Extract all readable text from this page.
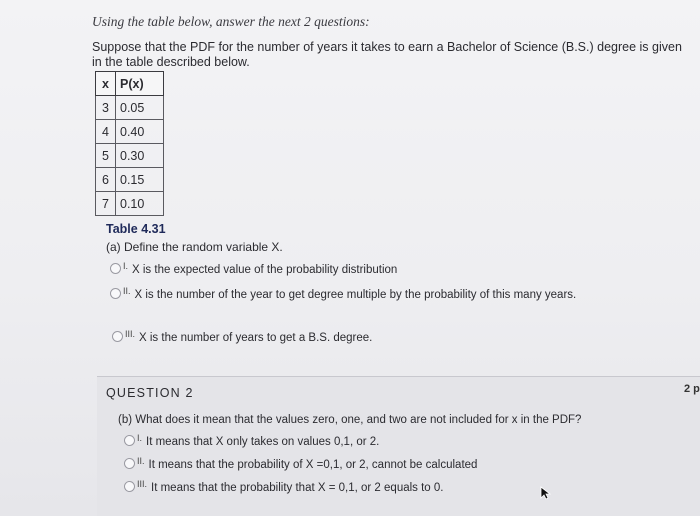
Using the table below, answer the next 2 questions:
Suppose that the PDF for the number of years it takes to earn a Bachelor of Science (B.S.) degree is given in the table described below.
x	P(x)
3	0.05
4	0.40
5	0.30
6	0.15
7	0.10
Table 4.31
(a) Define the random variable X.
I. X is the expected value of the probability distribution
II. X is the number of the year to get degree multiple by the probability of this many years.
III. X is the number of years to get a B.S. degree.
QUESTION 2	2 p
(b) What does it mean that the values zero, one, and two are not included for x in the PDF?
I. It means that X only takes on values 0,1, or 2.
II. It means that the probability of X =0,1, or 2, cannot be calculated
III. It means that the probability that X = 0,1, or 2 equals to 0.
